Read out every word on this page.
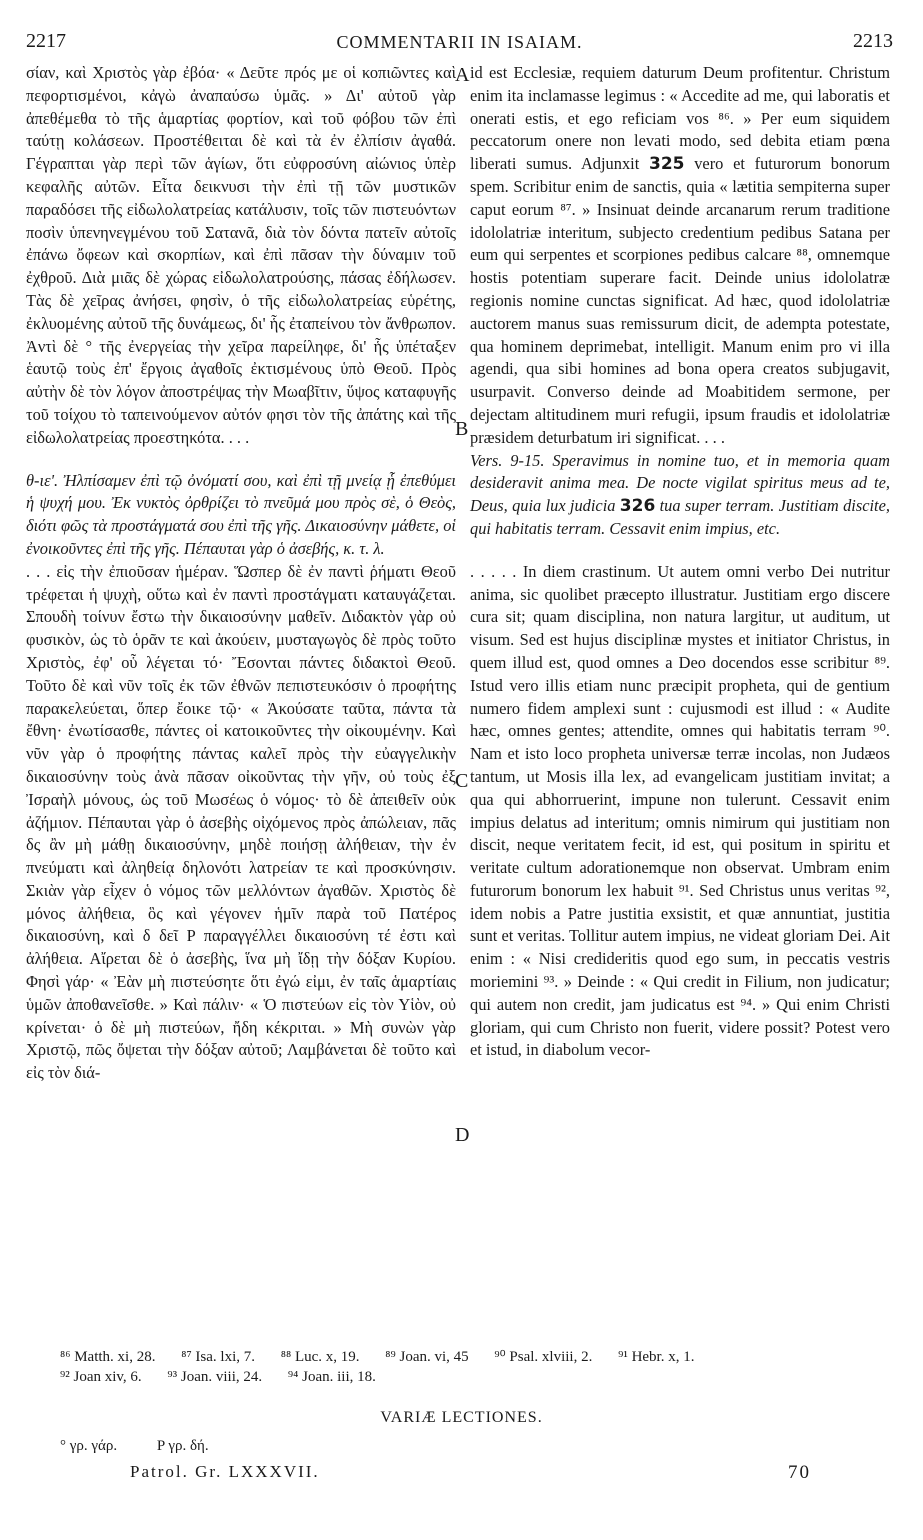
2217	COMMENTARII IN ISAIAM.	2213

σίαν, καὶ Χριστὸς γὰρ ἐβόα· « Δεῦτε πρός με οἱ κοπιῶντες καὶ πεφορτισμένοι, κἀγὼ ἀναπαύσω ὑμᾶς. » Δι' αὐτοῦ γὰρ ἀπεθέμεθα τὸ τῆς ἁμαρτίας φορτίον, καὶ τοῦ φόβου τῶν ἐπὶ ταύτῃ κολάσεων. Προστέθειται δὲ καὶ τὰ ἐν ἐλπίσιν ἀγαθά. Γέγραπται γὰρ περὶ τῶν ἁγίων, ὅτι εὐφροσύνη αἰώνιος ὑπὲρ κεφαλῆς αὐτῶν. Εἶτα δεικνυσι τὴν ἐπὶ τῇ τῶν μυστικῶν παραδόσει τῆς εἰδωλολατρείας κατάλυσιν, τοῖς τῶν πιστευόντων ποσὶν ὑπενηνεγμένου τοῦ Σατανᾶ, διὰ τὸν δόντα πατεῖν αὐτοῖς ἐπάνω ὄφεων καὶ σκορπίων, καὶ ἐπὶ πᾶσαν τὴν δύναμιν τοῦ ἐχθροῦ. Διὰ μιᾶς δὲ χώρας εἰδωλολατρούσης, πάσας ἐδήλωσεν. Τὰς δὲ χεῖρας ἀνήσει, φησὶν, ὁ τῆς εἰδωλολατρείας εὑρέτης, ἐκλυομένης αὐτοῦ τῆς δυνάμεως, δι' ἧς ἐταπείνου τὸν ἄνθρωπον. Ἀντὶ δὲ ° τῆς ἐνεργείας τὴν χεῖρα παρείληφε, δι' ἧς ὑπέταξεν ἑαυτῷ τοὺς ἐπ' ἔργοις ἀγαθοῖς ἐκτισμένους ὑπὸ Θεοῦ. Πρὸς αὐτὴν δὲ τὸν λόγον ἀποστρέψας τὴν Μωαβῖτιν, ὕψος καταφυγῆς τοῦ τοίχου τὸ ταπεινούμενον αὐτόν φησι τὸν τῆς ἀπάτης καὶ τῆς εἰδωλολατρείας προεστηκότα. . . .

θ-ιε'. Ἠλπίσαμεν ἐπὶ τῷ ὀνόματί σου, καὶ ἐπὶ τῇ μνείᾳ ᾗ ἐπεθύμει ἡ ψυχή μου. Ἐκ νυκτὸς ὀρθρίζει τὸ πνεῦμά μου πρὸς σὲ, ὁ Θεὸς, διότι φῶς τὰ προστάγματά σου ἐπὶ τῆς γῆς. Δικαιοσύνην μάθετε, οἱ ἐνοικοῦντες ἐπὶ τῆς γῆς. Πέπαυται γὰρ ὁ ἀσεβής, κ. τ. λ.

. . . εἰς τὴν ἐπιοῦσαν ἡμέραν. Ὥσπερ δὲ ἐν παντὶ ῥήματι Θεοῦ τρέφεται ἡ ψυχὴ, οὕτω καὶ ἐν παντὶ προστάγματι καταυγάζεται. Σπουδὴ τοίνυν ἔστω τὴν δικαιοσύνην μαθεῖν. Διδακτὸν γὰρ οὐ φυσικὸν, ὡς τὸ ὁρᾶν τε καὶ ἀκούειν, μυσταγωγὸς δὲ πρὸς τοῦτο Χριστὸς, ἐφ' οὗ λέγεται τό· Ἔσονται πάντες διδακτοὶ Θεοῦ. Τοῦτο δὲ καὶ νῦν τοῖς ἐκ τῶν ἐθνῶν πεπιστευκόσιν ὁ προφήτης παρακελεύεται, ὅπερ ἔοικε τῷ· « Ἀκούσατε ταῦτα, πάντα τὰ ἔθνη· ἐνωτίσασθε, πάντες οἱ κατοικοῦντες τὴν οἰκουμένην. Καὶ νῦν γὰρ ὁ προφήτης πάντας καλεῖ πρὸς τὴν εὐαγγελικὴν δικαιοσύνην τοὺς ἀνὰ πᾶσαν οἰκοῦντας τὴν γῆν, οὐ τοὺς ἐξ Ἰσραὴλ μόνους, ὡς τοῦ Μωσέως ὁ νόμος· τὸ δὲ ἀπειθεῖν οὐκ ἀζήμιον. Πέπαυται γὰρ ὁ ἀσεβὴς οἰχόμενος πρὸς ἀπώλειαν, πᾶς δς ἂν μὴ μάθῃ δικαιοσύνην, μηδὲ ποιήσῃ ἀλήθειαν, τὴν ἐν πνεύματι καὶ ἀληθείᾳ δηλονότι λατρείαν τε καὶ προσκύνησιν. Σκιὰν γὰρ εἶχεν ὁ νόμος τῶν μελλόντων ἀγαθῶν. Χριστὸς δὲ μόνος ἀλήθεια, ὃς καὶ γέγονεν ἡμῖν παρὰ τοῦ Πατέρος δικαιοσύνη, καὶ δ δεῖ P παραγγέλλει δικαιοσύνη τέ ἐστι καὶ ἀλήθεια. Αἴρεται δὲ ὁ ἀσεβὴς, ἵνα μὴ ἴδῃ τὴν δόξαν Κυρίου. Φησὶ γάρ· « Ἐὰν μὴ πιστεύσητε ὅτι ἐγώ εἰμι, ἐν ταῖς ἁμαρτίαις ὑμῶν ἀποθανεῖσθε. » Καὶ πάλιν· « Ὁ πιστεύων εἰς τὸν Υἱὸν, οὐ κρίνεται· ὁ δὲ μὴ πιστεύων, ἤδη κέκριται. » Μὴ συνὼν γὰρ Χριστῷ, πῶς ὄψεται τὴν δόξαν αὐτοῦ; Λαμβάνεται δὲ τοῦτο καὶ εἰς τὸν διά-

A
B
C
D

id est Ecclesiæ, requiem daturum Deum profitentur. Christum enim ita inclamasse legimus : « Accedite ad me, qui laboratis et onerati estis, et ego reficiam vos ⁸⁶. » Per eum siquidem peccatorum onere non levati modo, sed debita etiam pœna liberati sumus. Adjunxit 325 vero et futurorum bonorum spem. Scribitur enim de sanctis, quia « lætitia sempiterna super caput eorum ⁸⁷. » Insinuat deinde arcanarum rerum traditione idololatriæ interitum, subjecto credentium pedibus Satana per eum qui serpentes et scorpiones pedibus calcare ⁸⁸, omnemque hostis potentiam superare facit. Deinde unius idololatræ regionis nomine cunctas significat. Ad hæc, quod idololatriæ auctorem manus suas remissurum dicit, de adempta potestate, qua hominem deprimebat, intelligit. Manum enim pro vi illa agendi, qua sibi homines ad bona opera creatos subjugavit, usurpavit. Converso deinde ad Moabitidem sermone, per dejectam altitudinem muri refugii, ipsum fraudis et idololatriæ præsidem deturbatum iri significat. . . .

Vers. 9-15. Speravimus in nomine tuo, et in memoria quam desideravit anima mea. De nocte vigilat spiritus meus ad te, Deus, quia lux judicia 326 tua super terram. Justitiam discite, qui habitatis terram. Cessavit enim impius, etc.

. . . . . In diem crastinum. Ut autem omni verbo Dei nutritur anima, sic quolibet præcepto illustratur. Justitiam ergo discere cura sit; quam disciplina, non natura largitur, ut auditum, ut visum. Sed est hujus disciplinæ mystes et initiator Christus, in quem illud est, quod omnes a Deo docendos esse scribitur ⁸⁹. Istud vero illis etiam nunc præcipit propheta, qui de gentium numero fidem amplexi sunt : cujusmodi est illud : « Audite hæc, omnes gentes; attendite, omnes qui habitatis terram ⁹⁰. Nam et isto loco propheta universæ terræ incolas, non Judæos tantum, ut Mosis illa lex, ad evangelicam justitiam invitat; a qua qui abhorruerint, impune non tulerunt. Cessavit enim impius delatus ad interitum; omnis nimirum qui justitiam non discit, neque veritatem fecit, id est, qui positum in spiritu et veritate cultum adorationemque non observat. Umbram enim futurorum bonorum lex habuit ⁹¹. Sed Christus unus veritas ⁹², idem nobis a Patre justitia exsistit, et quæ annuntiat, justitia sunt et veritas. Tollitur autem impius, ne videat gloriam Dei. Ait enim : « Nisi credideritis quod ego sum, in peccatis vestris moriemini ⁹³. » Deinde : « Qui credit in Filium, non judicatur; qui autem non credit, jam judicatus est ⁹⁴. » Qui enim Christi gloriam, qui cum Christo non fuerit, videre possit? Potest vero et istud, in diabolum vecor-

⁸⁶ Matth. xi, 28. ⁸⁷ Isa. lxi, 7. ⁸⁸ Luc. x, 19. ⁸⁹ Joan. vi, 45 ⁹⁰ Psal. xlviii, 2. ⁹¹ Hebr. x, 1.
⁹² Joan xiv, 6. ⁹³ Joan. viii, 24. ⁹⁴ Joan. iii, 18.
VARIÆ LECTIONES.
° γρ. γάρ.	P γρ. δή.
Patrol. Gr. LXXXVII.	70
